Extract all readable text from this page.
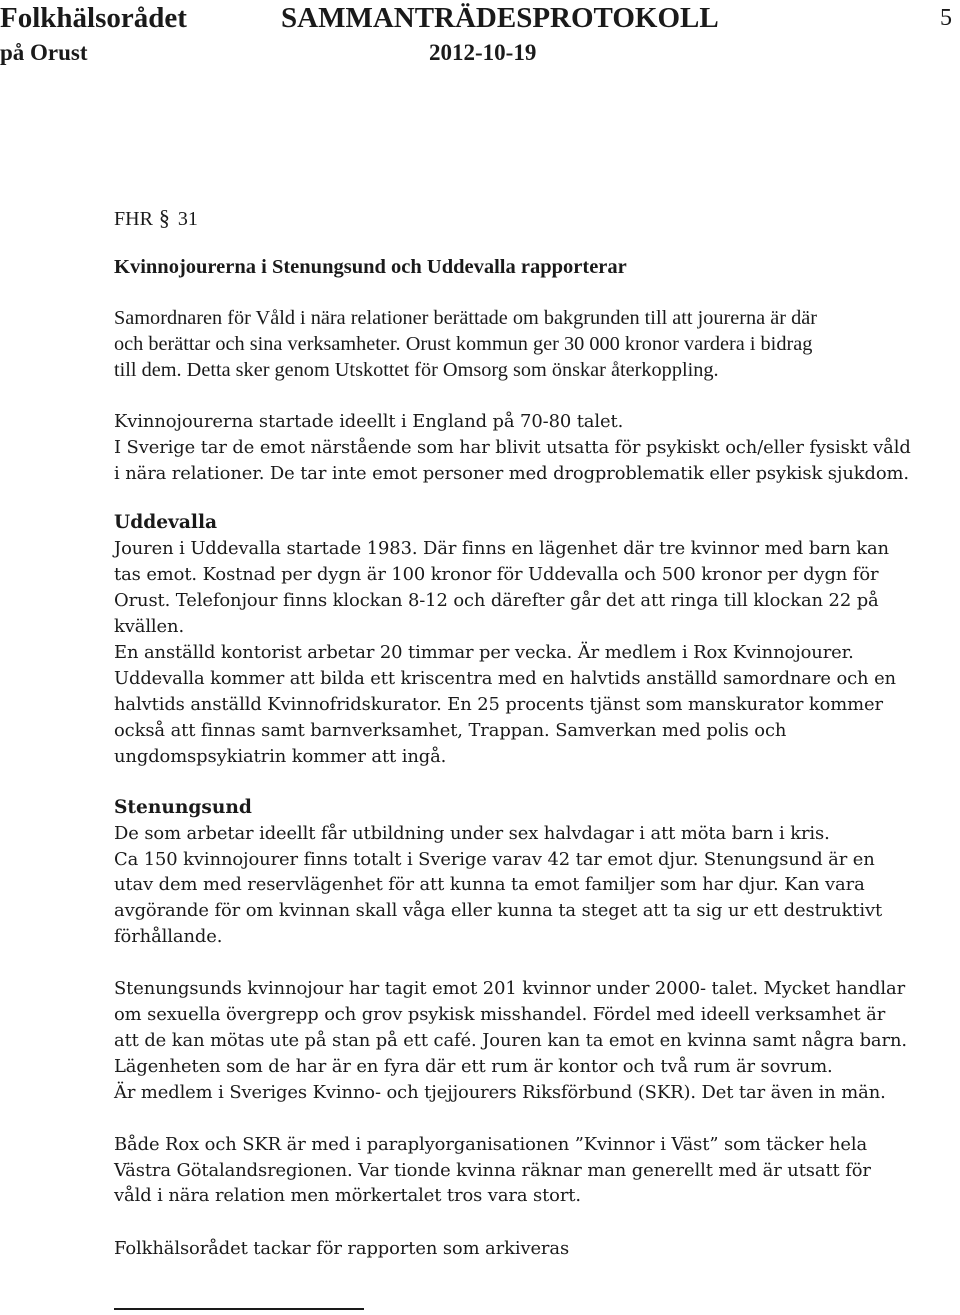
Folkhälsorådet	SAMMANTRÄDESPROTOKOLL	5
på Orust	2012-10-19
FHR § 31
Kvinnojourerna i Stenungsund och Uddevalla rapporterar
Samordnaren för Våld i nära relationer berättade om bakgrunden till att jourerna är där
och berättar och sina verksamheter. Orust kommun ger 30 000 kronor vardera i bidrag
till dem. Detta sker genom Utskottet för Omsorg som önskar återkoppling.
Kvinnojourerna startade ideellt i England på 70-80 talet.
I Sverige tar de emot närstående som har blivit utsatta för psykiskt och/eller fysiskt våld
i nära relationer. De tar inte emot personer med drogproblematik eller psykisk sjukdom.
Uddevalla
Jouren i Uddevalla startade 1983. Där finns en lägenhet där tre kvinnor med barn kan
tas emot. Kostnad per dygn är 100 kronor för Uddevalla och 500 kronor per dygn för
Orust. Telefonjour finns klockan 8-12 och därefter går det att ringa till klockan 22 på
kvällen.
En anställd kontorist arbetar 20 timmar per vecka. Är medlem i Rox Kvinnojourer.
Uddevalla kommer att bilda ett kriscentra med en halvtids anställd samordnare och en
halvtids anställd Kvinnofridskurator. En 25 procents tjänst som manskurator kommer
också att finnas samt barnverksamhet, Trappan. Samverkan med polis och
ungdomspsykiatrin kommer att ingå.
Stenungsund
De som arbetar ideellt får utbildning under sex halvdagar i att möta barn i kris.
Ca 150 kvinnojourer finns totalt i Sverige varav 42 tar emot djur. Stenungsund är en
utav dem med reservlägenhet för att kunna ta emot familjer som har djur. Kan vara
avgörande för om kvinnan skall våga eller kunna ta steget att ta sig ur ett destruktivt
förhållande.
Stenungsunds kvinnojour har tagit emot 201 kvinnor under 2000- talet. Mycket handlar
om sexuella övergrepp och grov psykisk misshandel. Fördel med ideell verksamhet är
att de kan mötas ute på stan på ett café. Jouren kan ta emot en kvinna samt några barn.
Lägenheten som de har är en fyra där ett rum är kontor och två rum är sovrum.
Är medlem i Sveriges Kvinno- och tjejjourers Riksförbund (SKR). Det tar även in män.
Både Rox och SKR är med i paraplyorganisationen ”Kvinnor i Väst” som täcker hela
Västra Götalandsregionen. Var tionde kvinna räknar man generellt med är utsatt för
våld i nära relation men mörkertalet tros vara stort.
Folkhälsorådet tackar för rapporten som arkiveras
